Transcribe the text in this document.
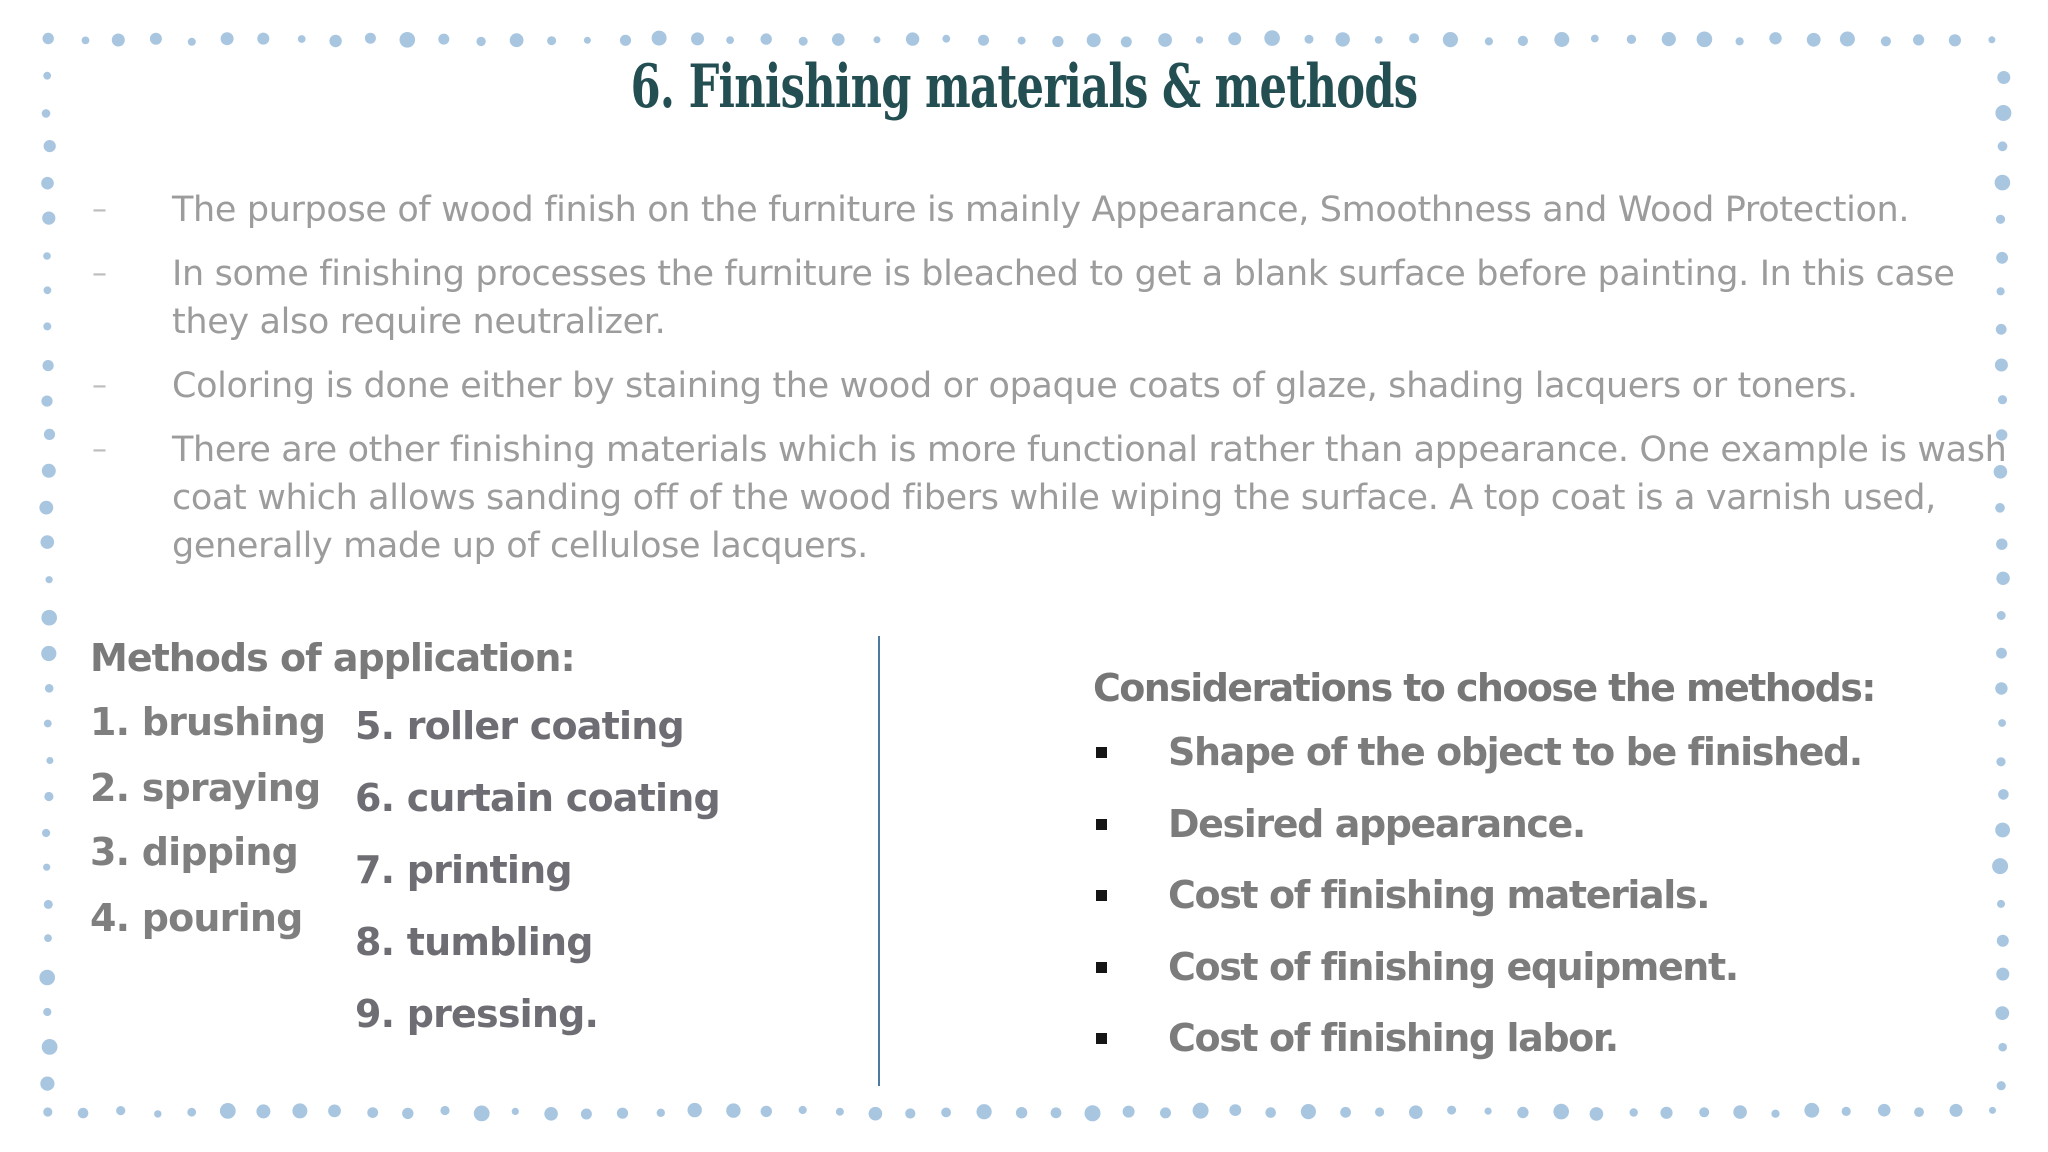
6. Finishing materials & methods
– The purpose of wood finish on the furniture is mainly Appearance, Smoothness and Wood Protection.
– In some finishing processes the furniture is bleached to get a blank surface before painting. In this case they also require neutralizer.
– Coloring is done either by staining the wood or opaque coats of glaze, shading lacquers or toners.
– There are other finishing materials which is more functional rather than appearance. One example is wash coat which allows sanding off of the wood fibers while wiping the surface. A top coat is a varnish used, generally made up of cellulose lacquers.
Methods of application:
1. brushing
2. spraying
3. dipping
4. pouring
5. roller coating
6. curtain coating
7. printing
8. tumbling
9. pressing.
Considerations to choose the methods:
Shape of the object to be finished.
Desired appearance.
Cost of finishing materials.
Cost of finishing equipment.
Cost of finishing labor.
